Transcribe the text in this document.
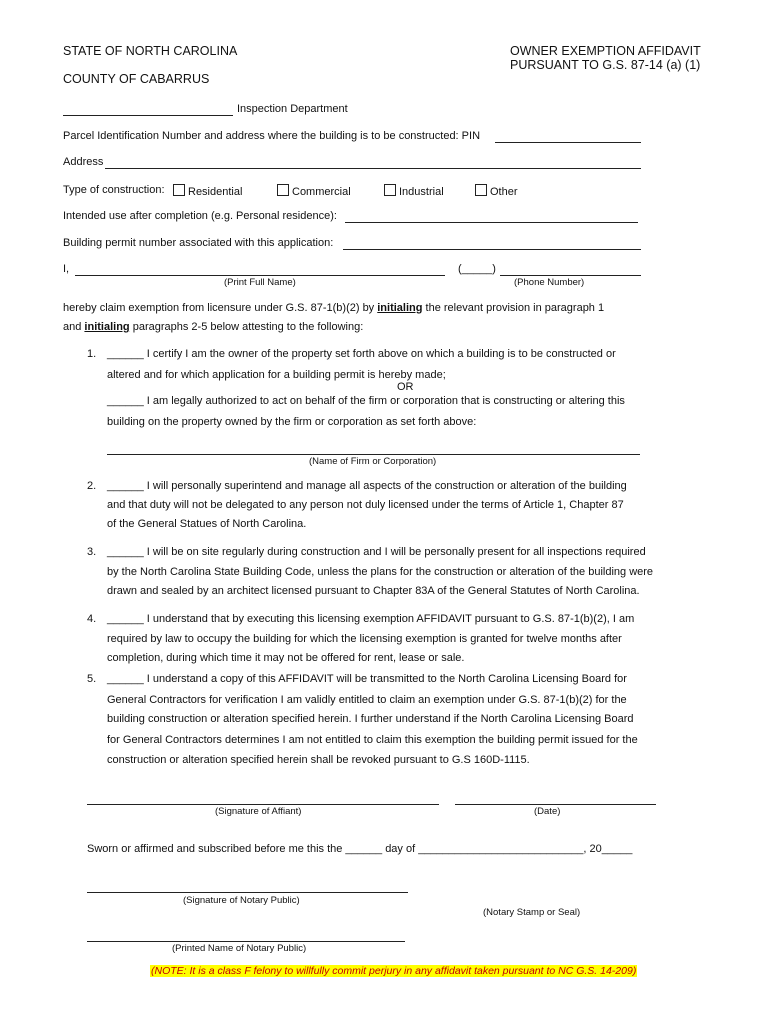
STATE OF NORTH CAROLINA
COUNTY OF CABARRUS
OWNER EXEMPTION AFFIDAVIT
PURSUANT TO G.S. 87-14 (a) (1)
Inspection Department
Parcel Identification Number and address where the building is to be constructed: PIN
Address
Type of construction:	Residential	Commercial	Industrial	Other
Intended use after completion (e.g. Personal residence):
Building permit number associated with this application:
I,	(_____)
(Print Full Name)	(Phone Number)
hereby claim exemption from licensure under G.S. 87-1(b)(2) by initialing the relevant provision in paragraph 1
and initialing paragraphs 2-5 below attesting to the following:
1. ______ I certify I am the owner of the property set forth above on which a building is to be constructed or
altered and for which application for a building permit is hereby made;
OR
______ I am legally authorized to act on behalf of the firm or corporation that is constructing or altering this
building on the property owned by the firm or corporation as set forth above:
(Name of Firm or Corporation)
2. ______ I will personally superintend and manage all aspects of the construction or alteration of the building
and that duty will not be delegated to any person not duly licensed under the terms of Article 1, Chapter 87
of the General Statues of North Carolina.
3. ______ I will be on site regularly during construction and I will be personally present for all inspections required
by the North Carolina State Building Code, unless the plans for the construction or alteration of the building were
drawn and sealed by an architect licensed pursuant to Chapter 83A of the General Statutes of North Carolina.
4. ______ I understand that by executing this licensing exemption AFFIDAVIT pursuant to G.S. 87-1(b)(2), I am
required by law to occupy the building for which the licensing exemption is granted for twelve months after
completion, during which time it may not be offered for rent, lease or sale.
5. ______ I understand a copy of this AFFIDAVIT will be transmitted to the North Carolina Licensing Board for
General Contractors for verification I am validly entitled to claim an exemption under G.S. 87-1(b)(2) for the
building construction or alteration specified herein. I further understand if the North Carolina Licensing Board
for General Contractors determines I am not entitled to claim this exemption the building permit issued for the
construction or alteration specified herein shall be revoked pursuant to G.S 160D-1115.
(Signature of Affiant)	(Date)
Sworn or affirmed and subscribed before me this the ______ day of ___________________________, 20_____
(Signature of Notary Public)
(Notary Stamp or Seal)
(Printed Name of Notary Public)
(NOTE: It is a class F felony to willfully commit perjury in any affidavit taken pursuant to NC G.S. 14-209)
